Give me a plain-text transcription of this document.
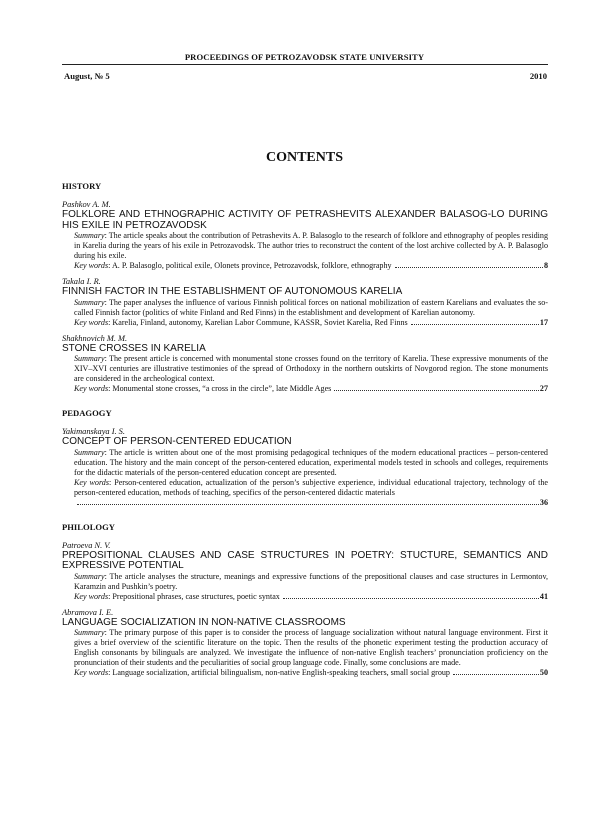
PROCEEDINGS OF PETROZAVODSK STATE UNIVERSITY
August, № 5	2010
CONTENTS
HISTORY
Pashkov A. M.
FOLKLORE AND ETHNOGRAPHIC ACTIVITY OF PETRASHEVITS ALEXANDER BALASOG-LO DURING HIS EXILE IN PETROZAVODSK
Summary: The article speaks about the contribution of Petrashevits A. P. Balasoglo to the research of folklore and ethnography of peoples residing in Karelia during the years of his exile in Petrozavodsk. The author tries to reconstruct the content of the lost archive collected by A. P. Balasoglo during his exile.
Key words: A. P. Balasoglo, political exile, Olonets province, Petrozavodsk, folklore, ethnography	8
Takala I. R.
FINNISH FACTOR IN THE ESTABLISHMENT OF AUTONOMOUS KARELIA
Summary: The paper analyses the influence of various Finnish political forces on national mobilization of eastern Karelians and evaluates the so-called Finnish factor (politics of white Finland and Red Finns) in the establishment and development of Karelian autonomy.
Key words: Karelia, Finland, autonomy, Karelian Labor Commune, KASSR, Soviet Karelia, Red Finns	17
Shakhnovich M. M.
STONE CROSSES IN KARELIA
Summary: The present article is concerned with monumental stone crosses found on the territory of Karelia. These expressive monuments of the XIV–XVI centuries are illustrative testimonies of the spread of Orthodoxy in the northern outskirts of Novgorod region. The stone monuments are considered in the archeological context.
Key words: Monumental stone crosses, “a cross in the circle”, late Middle Ages	27
PEDAGOGY
Yakimanskaya I. S.
CONCEPT OF PERSON-CENTERED EDUCATION
Summary: The article is written about one of the most promising pedagogical techniques of the modern educational practices – person-centered education. The history and the main concept of the person-centered education, experimental models tested in schools and colleges, requirements for the didactic materials of the person-centered education concept are presented.
Key words: Person-centered education, actualization of the person’s subjective experience, individual educational trajectory, technology of the person-centered education, methods of teaching, specifics of the person-centered didactic materials
36
PHILOLOGY
Patroeva N. V.
PREPOSITIONAL CLAUSES AND CASE STRUCTURES IN POETRY: STUCTURE, SEMANTICS AND EXPRESSIVE POTENTIAL
Summary: The article analyses the structure, meanings and expressive functions of the prepositional clauses and case structures in Lermontov, Karamzin and Pushkin’s poetry.
Key words: Prepositional phrases, case structures, poetic syntax	41
Abramova I. E.
LANGUAGE SOCIALIZATION IN NON-NATIVE CLASSROOMS
Summary: The primary purpose of this paper is to consider the process of language socialization without natural language environment. First it gives a brief overview of the scientific literature on the topic. Then the results of the phonetic experiment testing the production accuracy of English consonants by bilinguals are analyzed. We investigate the influence of non-native English teachers’ pronunciation proficiency on the pronunciation of their students and the peculiarities of social group language code. Finally, some conclusions are made.
Key words: Language socialization, artificial bilingualism, non-native English-speaking teachers, small social group	50
